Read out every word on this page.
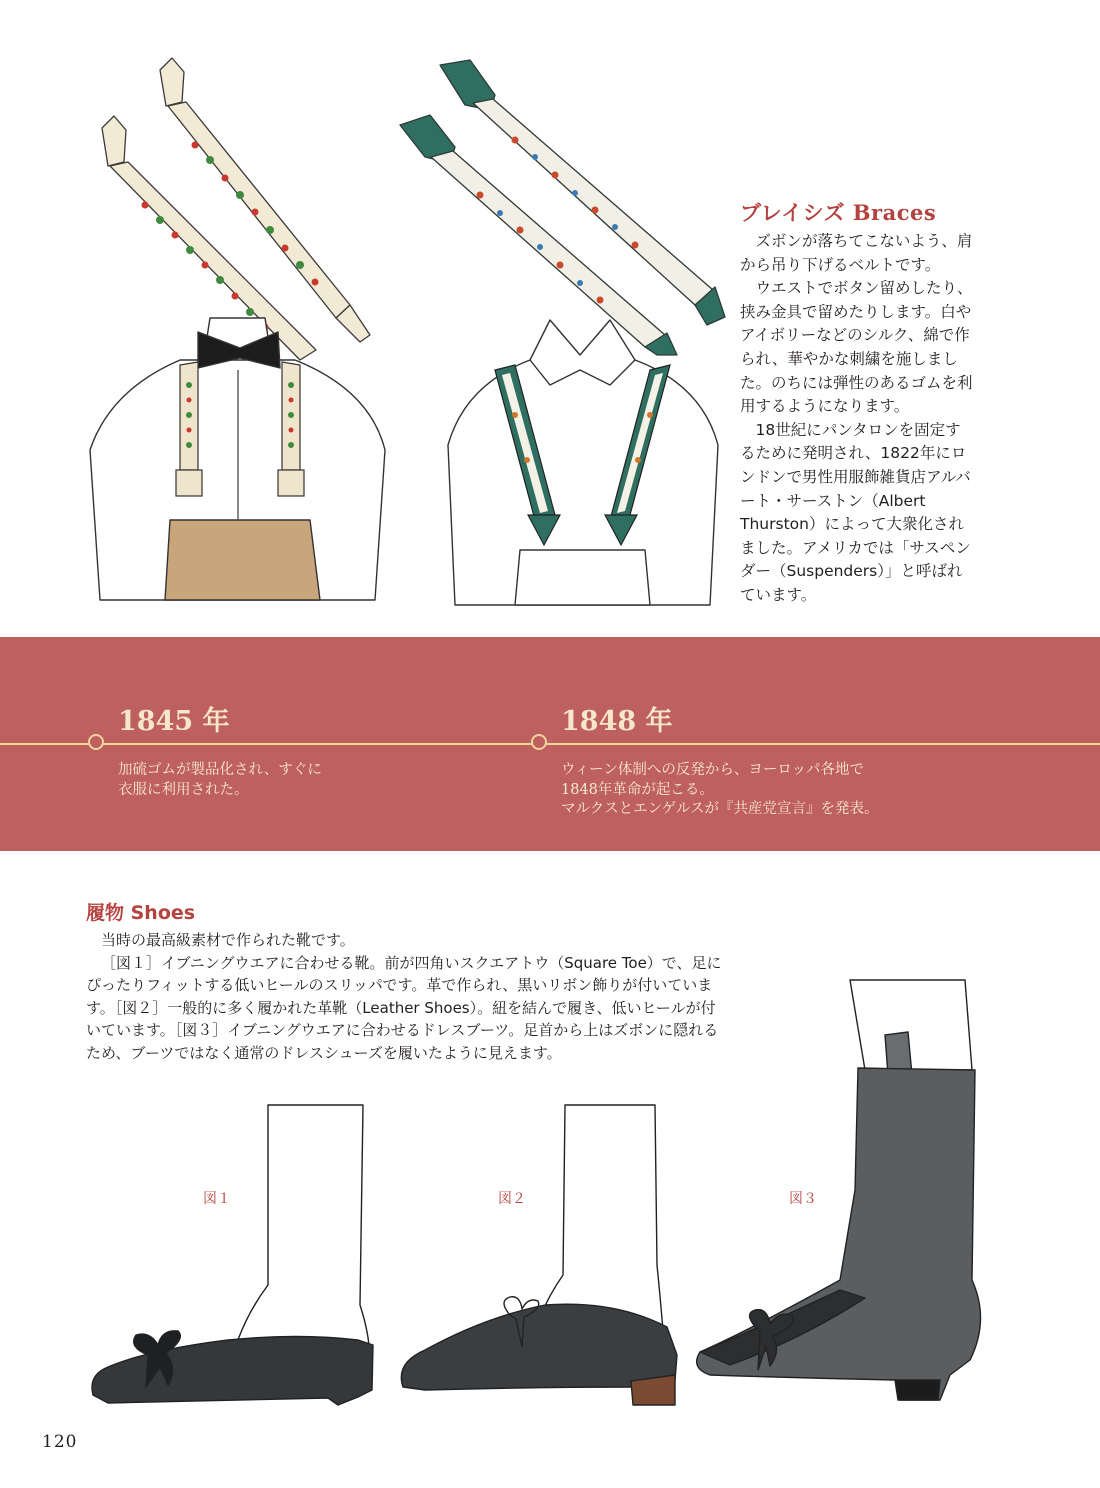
ブレイシズ Braces

ズボンが落ちてこないよう、肩から吊り下げるベルトです。

ウエストでボタン留めしたり、挟み金具で留めたりします。白やアイボリーなどのシルク、綿で作られ、華やかな刺繍を施しました。のちには弾性のあるゴムを利用するようになります。

18世紀にパンタロンを固定するために発明され、1822年にロンドンで男性用服飾雑貨店アルバート・サーストン（Albert Thurston）によって大衆化されました。アメリカでは「サスペンダー（Suspenders）」と呼ばれています。

1845 年
加硫ゴムが製品化され、すぐに
衣服に利用された。
1848 年
ウィーン体制への反発から、ヨーロッパ各地で
1848年革命が起こる。
マルクスとエンゲルスが『共産党宣言』を発表。
履物 Shoes

当時の最高級素材で作られた靴です。

［図１］イブニングウエアに合わせる靴。前が四角いスクエアトウ（Square Toe）で、足にぴったりフィットする低いヒールのスリッパです。革で作られ、黒いリボン飾りが付いています。［図２］一般的に多く履かれた革靴（Leather Shoes）。紐を結んで履き、低いヒールが付いています。［図３］イブニングウエアに合わせるドレスブーツ。足首から上はズボンに隠れるため、ブーツではなく通常のドレスシューズを履いたように見えます。

図１	図２	図３
120
